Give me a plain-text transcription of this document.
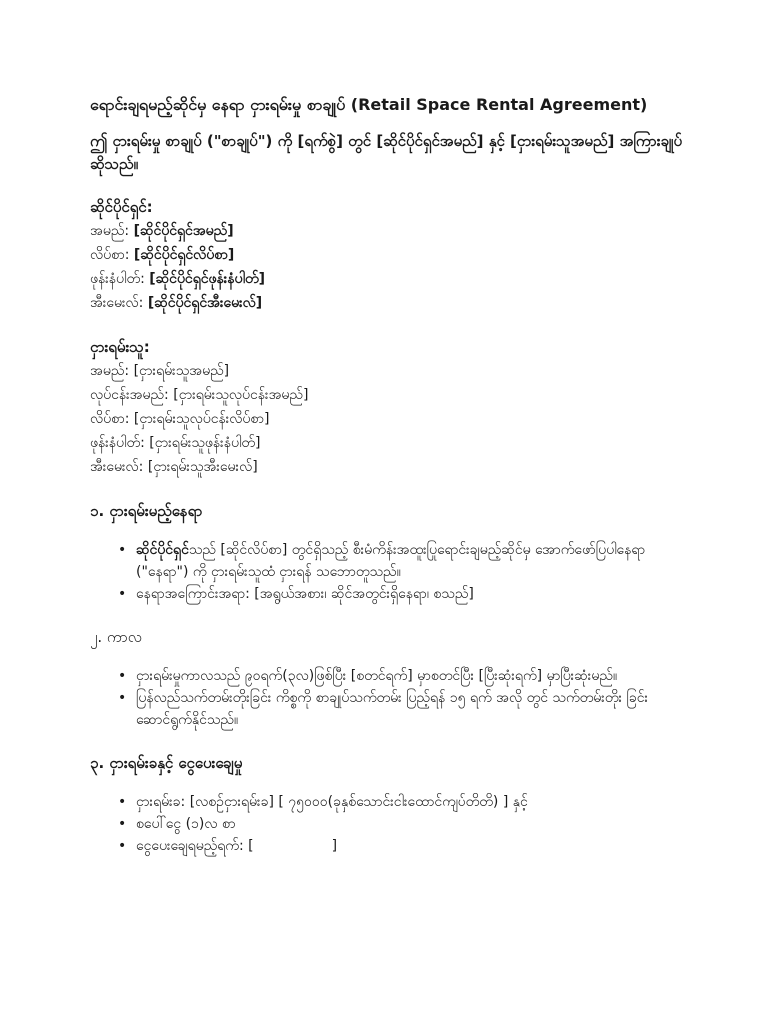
ရောင်းချရမည့်ဆိုင်မှ နေရာ ငှားရမ်းမှု စာချုပ် (Retail Space Rental Agreement)
ဤ ငှားရမ်းမှု စာချုပ် ("စာချုပ်") ကို [ရက်စွဲ] တွင် [ဆိုင်ပိုင်ရှင်အမည်] နှင့် [ငှားရမ်းသူအမည်] အကြားချုပ်ဆိုသည်။
ဆိုင်ပိုင်ရှင်:
အမည်: [ဆိုင်ပိုင်ရှင်အမည်]
လိပ်စာ: [ဆိုင်ပိုင်ရှင်လိပ်စာ]
ဖုန်းနံပါတ်: [ဆိုင်ပိုင်ရှင်ဖုန်းနံပါတ်]
အီးမေးလ်: [ဆိုင်ပိုင်ရှင်အီးမေးလ်]
ငှားရမ်းသူ:
အမည်: [ငှားရမ်းသူအမည်]
လုပ်ငန်းအမည်: [ငှားရမ်းသူလုပ်ငန်းအမည်]
လိပ်စာ: [ငှားရမ်းသူလုပ်ငန်းလိပ်စာ]
ဖုန်းနံပါတ်: [ငှားရမ်းသူဖုန်းနံပါတ်]
အီးမေးလ်: [ငှားရမ်းသူအီးမေးလ်]
၁. ငှားရမ်းမည့်နေရာ
• ဆိုင်ပိုင်ရှင်သည် [ဆိုင်လိပ်စာ] တွင်ရှိသည့် စီးမံကိန်းအထူးပြုရောင်းချမည့်ဆိုင်မှ အောက်ဖော်ပြပါနေရာ ("နေရာ") ကို ငှားရမ်းသူထံ ငှားရန် သဘောတူသည်။
• နေရာအကြောင်းအရာ: [အရွယ်အစား၊ ဆိုင်အတွင်းရှိနေရာ၊ စသည်]
၂. ကာလ
• ငှားရမ်းမှုကာလသည် ၉၀ရက်(၃လ)ဖြစ်ပြီး [စတင်ရက်] မှာစတင်ပြီး [ပြီးဆုံးရက်] မှာပြီးဆုံးမည်။
• ပြန်လည်သက်တမ်းတိုးခြင်း ကိစ္စကို စာချုပ်သက်တမ်း ပြည့်ရန် ၁၅ ရက် အလို တွင် သက်တမ်းတိုး ခြင်း ဆောင်ရွက်နိုင်သည်။
၃. ငှားရမ်းခနှင့် ငွေပေးချေမှု
• ငှားရမ်းခ: [လစဉ်ငှားရမ်းခ] [ ၇၅၀၀၀(ခုနှစ်သောင်းငါးထောင်ကျပ်တိတိ) ] နှင့်
• စပေါ်ငွေ (၁)လ စာ
• ငွေပေးချေရမည့်ရက်: [	]
